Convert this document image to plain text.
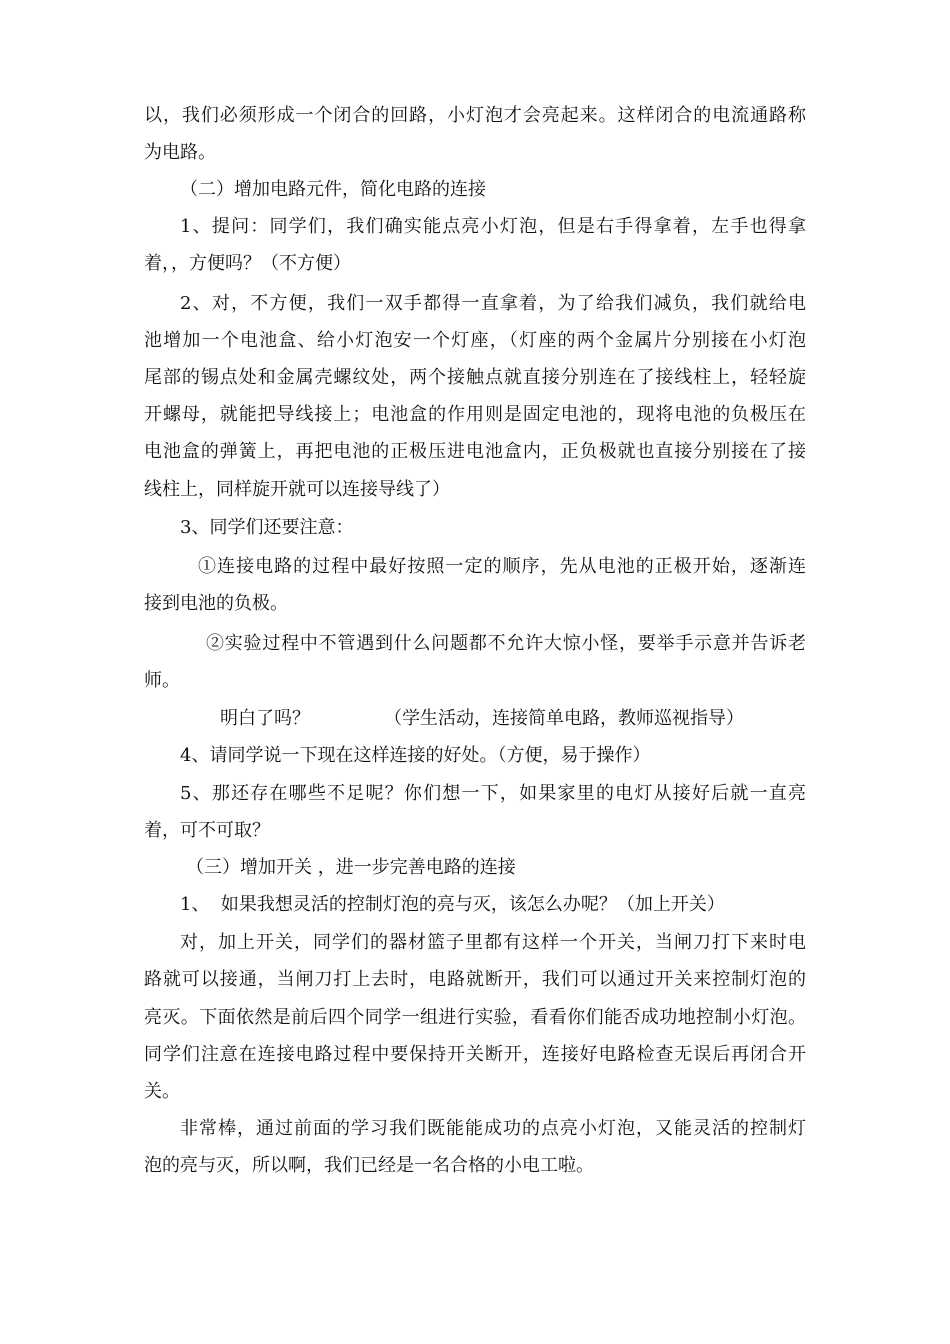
以，我们必须形成一个闭合的回路，小灯泡才会亮起来。这样闭合的电流通路称
为电路。
（二）增加电路元件，简化电路的连接
1、提问：同学们，我们确实能点亮小灯泡，但是右手得拿着，左手也得拿
着，，方便吗？（不方便）
2、对，不方便，我们一双手都得一直拿着，为了给我们减负，我们就给电
池增加一个电池盒、给小灯泡安一个灯座，（灯座的两个金属片分别接在小灯泡
尾部的锡点处和金属壳螺纹处，两个接触点就直接分别连在了接线柱上，轻轻旋
开螺母，就能把导线接上；电池盒的作用则是固定电池的，现将电池的负极压在
电池盒的弹簧上，再把电池的正极压进电池盒内，正负极就也直接分别接在了接
线柱上，同样旋开就可以连接导线了）
3、同学们还要注意：
①连接电路的过程中最好按照一定的顺序，先从电池的正极开始，逐渐连
接到电池的负极。
②实验过程中不管遇到什么问题都不允许大惊小怪，要举手示意并告诉老
师。
明白了吗？	（学生活动，连接简单电路，教师巡视指导）
4、请同学说一下现在这样连接的好处。（方便，易于操作）
5、那还存在哪些不足呢？你们想一下，如果家里的电灯从接好后就一直亮
着，可不可取？
（三）增加开关 ，进一步完善电路的连接
1、  如果我想灵活的控制灯泡的亮与灭，该怎么办呢？（加上开关）
对，加上开关，同学们的器材篮子里都有这样一个开关，当闸刀打下来时电
路就可以接通，当闸刀打上去时，电路就断开，我们可以通过开关来控制灯泡的
亮灭。下面依然是前后四个同学一组进行实验，看看你们能否成功地控制小灯泡。
同学们注意在连接电路过程中要保持开关断开，连接好电路检查无误后再闭合开
关。
非常棒，通过前面的学习我们既能能成功的点亮小灯泡，又能灵活的控制灯
泡的亮与灭，所以啊，我们已经是一名合格的小电工啦。
